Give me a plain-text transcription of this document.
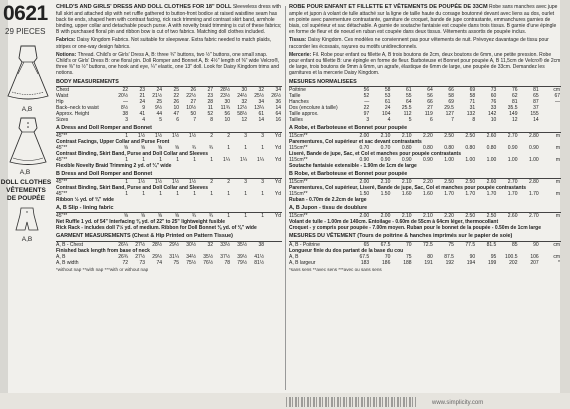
www.simplicity.com
0621
29 PIECES
A,B
A,B
DOLL CLOTHES
VÊTEMENTS
DE POUPÉE
A,B
CHILD'S AND GIRLS' DRESS AND DOLL CLOTHES FOR 18" DOLL Sleeveless dress with full skirt and attached slip with net ruffle gathered to button-front bodice at raised waistline seam has back tie ends, shaped hem with contrast facing, rick rack trimming and contrast skirt band, armhole binding, upper collar and detachable pouch purse. A with novelty braid trimming is cut of these fabrics; B with purchased floral pin and ribbon bow is cut of two fabrics. Matching doll clothes included.
Fabrics: Daisy Kingdom Fabrics. Not suitable for sleepwear. Extra fabric needed to match plaids, stripes or one-way design fabrics.
Notions: Thread. Child's or Girls' Dress A, B: three ¾" buttons, two ½" buttons, one small snap. Child's or Girls' Dress B: one floral pin. Doll Romper and Bonnet A, B: 4½" length of ⅜" wide Velcro®, three ⅜" to ½" buttons, one hook and eye, ¼" elastic, one 13" doll. Look for Daisy Kingdom trims and notions.
BODY MEASUREMENTS
Chest	22	23	24	25	26	27	28½	30	32	34
Waist	20½	21	21½	22	22½	23	23½	24½	25½	26½
Hip	—	24	25	26	27	28	30	32	34	36
Back–neck to waist	8½	9	9½	10	10½	11	11¾	12½	13¼	14
Approx. Height	38	41	44	47	50	52	56	58½	61	64
Sizes	3	4	5	6	7	8	10	12	14	16
A Dress and Doll Romper and Bonnet
45"**	1	1½	1½	1½	1½	2	2	3	3	Yd
Contrast Facings, Upper Collar and Purse Front										
45"**	⅝	⅝	⅝	⅝	¾	¾	1	1	1	Yd
Contrast Binding, Skirt Band, Purse and Doll Collar and Sleeves										
45"**	1	1	1	1	1	1	1¼	1¼	1¼	Yd
Flexible Novelty Braid Trimming 2 yd. of ¾" wide										
B Dress and Doll Romper and Bonnet
45"**	1	1½	1½	1½	1½	2	2	3	3	Yd
Contrast Binding, Skirt Band, Purse and Doll Collar and Sleeves										
45"**	1	1	1	1	1	1	1	1	1	Yd
Ribbon ½ yd. of ¾" wide										
A, B Slip - lining fabric
45"**	⅝	⅝	⅝	⅝	¾	¾	1	1	1	Yd
Net Ruffle 1 yd. of 54" Interfacing ⅜ yd. of 22" to 25" lightweight fusible
Rick Rack - includes doll 7½ yd. of medium. Ribbon for Doll Bonnet ⅜ yd. of ⅜" wide
GARMENT MEASUREMENTS (Chest & Hip Printed on Pattern Tissue)
A, B - Chest	26¼	27½	28½	29½	30½	32	33½	35½	38	
Finished back length from base of neck										
A, B	26¾	27½	29½	31¼	34½	35½	37½	39½	41½	
A, B width	72	73	74	75	75½	76½	78	79½	81½	
*without nap **with nap ***with or without nap
ROBE POUR ENFANT ET FILLETTE ET VÊTEMENTS DE POUPÉE DE 33CM Robe sans manches avec jupe ample et jupon à volant de tulle attaché sur la ligne de taille haute du corsage boutonné devant avec liens au dos, ourlet en pointe avec parementure contrastante, garniture de croquet, bande de jupe contrastante, emmanchures garnies de biais, col supérieur et sac détachable. A garnie de soutache fantaisie est coupée dans trois tissus. B garnie d'une épingle en forme de fleur et de noeud en ruban est coupée dans deux tissus. Vêtements assortis de poupée inclus.
Tissus: Daisy Kingdom. Ces modèles ne conviennent pas pour vêtements de nuit. Prévoyez davantage de tissu pour raccorder les écossais, rayures ou motifs unidirectionnels.
Mercerie: Fil. Robe pour enfant ou fillette A, B trois boutons de 2cm, deux boutons de 6mm, une petite pression. Robe pour enfant ou fillette B: une épingle en forme de fleur. Barboteuse et Bonnet pour poupée A, B 11,5cm de Velcro® de 2cm de large, trois boutons de 9mm à 6mm, un agrafe, élastique de 6mm de large, une poupée de 33cm. Demandez les garnitures et la mercerie Daisy Kingdom.
MESURES NORMALISEES
Poitrine	56	58	61	64	66	69	73	76	81	cm
Taille	52	53	55	56	58	58	60	62	65	67
Hanches	—	61	64	66	69	71	76	81	87	—
Dos (encolure à taille)	22	24	25.5	27	29.5	31	33	35.5	37	
Taille approx.	97	104	112	119	127	132	142	149	155	
Tailles	3	4	5	6	7	8	10	12	14	
A Robe, et Barboteuse et Bonnet pour poupée
115cm**	2.00	2.10	2.10	2.20	2.50	2.50	2.60	2.70	2.80	m
Parementures, Col supérieur et sac devant contrastants										
115cm**	0.70	0.70	0.80	0.80	0.80	0.80	0.80	0.90	0.90	m
Liseré, Bande de jupe, Sac, et Col et manches pour poupée contrastants										
115cm**	0.90	0.90	0.90	0.90	1.00	1.00	1.00	1.00	1.00	m
Soutache fantaisie extensible - 1.90m de 1cm de large										
B Robe, et Barboteuse et Bonnet pour poupée
115cm**	2.00	2.10	2.10	2.20	2.50	2.50	2.60	2.70	2.80	m
Parementures, Col supérieur, Liseré, Bande de jupe, Sac, Col et manches pour poupée contrastants										
115cm**	1.50	1.50	1.60	1.60	1.70	1.70	1.70	1.70	1.70	m
Ruban - 0.70m de 2.2cm de large										
A, B Jupon - tissu de doublure
115cm**	2.00	2.00	2.10	2.10	2.20	2.50	2.50	2.60	2.70	m
Volant de tulle - 1.00m de 140cm. Entoilage - 0.60m de 55cm à 64cm léger, thermocollant
Croquet - y compris pour poupée - 7.00m moyen. Ruban pour le bonnet de la poupée - 0.50m de 1cm large
MESURES DU VÊTEMENT (Tours de poitrine & hanches imprimés sur le papier de soie)
A, B - Poitrine	65	67.5	70	72.5	75	77.5	81.5	85	90	cm
Longueur finie du dos partant de la base du cou										
A, B	67.5	70	75	80	87.5	90	95	100.5	106	cm
A, B largeur	183	186	188	191	192	194	199	202	207	*
*sans sens **avec sens ***avec ou sans sens
